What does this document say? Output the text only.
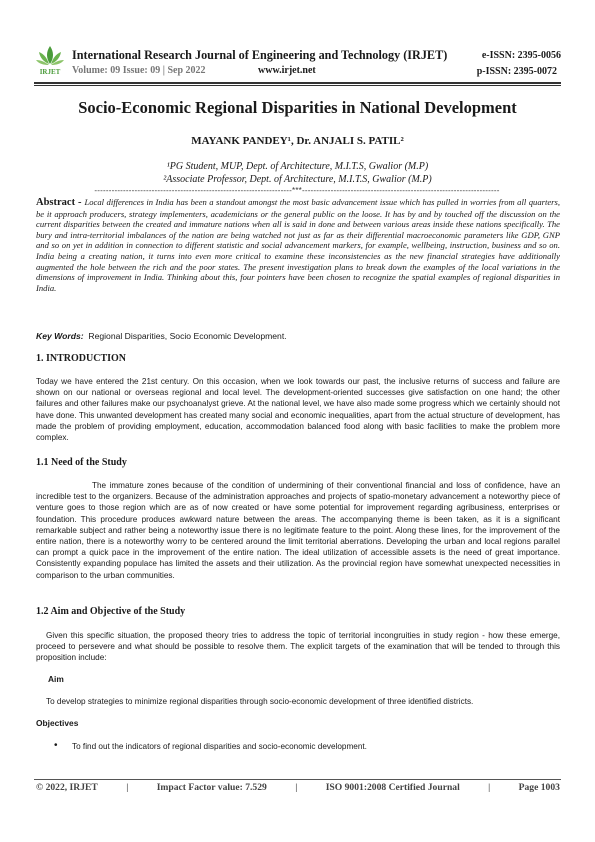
IRJET
International Research Journal of Engineering and Technology (IRJET)
Volume: 09 Issue: 09 | Sep 2022	www.irjet.net
e-ISSN: 2395-0056
p-ISSN: 2395-0072
Socio-Economic Regional Disparities in National Development
MAYANK PANDEY¹, Dr. ANJALI S. PATIL²
¹PG Student, MUP, Dept. of Architecture, M.I.T.S, Gwalior (M.P)
²Associate Professor, Dept. of Architecture, M.I.T.S, Gwalior (M.P)
---------------------------------------------------------------------***---------------------------------------------------------------------
Abstract - Local differences in India has been a standout amongst the most basic advancement issue which has pulled in worries from all quarters, be it approach producers, strategy implementers, academicians or the general public on the loose. It has by and by touched off the discussion on the current disparities between the created and immature nations when all is said in done and between various areas inside these nations specifically. The bury and intra-territorial imbalances of the nation are being watched not just as far as their differential macroeconomic parameters like GDP, GNP and so on yet in addition in connection to different statistic and social advancement markers, for example, wellbeing, instruction, business and so on. India being a creating nation, it turns into even more critical to examine these inconsistencies as the new financial strategies have additionally augmented the hole between the rich and the poor states. The present investigation plans to break down the examples of the local variations in the dimensions of improvement in India. Thinking about this, four pointers have been chosen to recognize the spatial examples of regional disparities in India.
Key Words: Regional Disparities, Socio Economic Development.
1. INTRODUCTION
Today we have entered the 21st century. On this occasion, when we look towards our past, the inclusive returns of success and failure are shown on our national or overseas regional and local level. The development-oriented successes give satisfaction on one hand; the other failures and other failures make our psychoanalyst grieve. At the national level, we have also made some progress which we certainly should not have done. This unwanted development has created many social and economic inequalities, apart from the actual structure of development, has made the problem of providing employment, education, accommodation balanced food along with basic facilities to make the problem more complex.
1.1 Need of the Study
The immature zones because of the condition of undermining of their conventional financial and loss of confidence, have an incredible test to the organizers. Because of the administration approaches and projects of spatio-monetary advancement a noteworthy piece of venture goes to those region which are as of now created or have some potential for improvement regarding agribusiness, enterprises or foundation. This procedure produces awkward nature between the areas. The accompanying theme is been taken, as it is a significant remarkable subject and rather being a noteworthy issue there is no legitimate feature to the point. Along these lines, for the improvement of the entire nation, there is a noteworthy worry to be centered around the limit territorial aberrations. Developing the urban and local regions parallel can prompt a quick pace in the improvement of the entire nation. The ideal utilization of accessible assets is the need of great importance. Consistently expanding populace has limited the assets and their utilization. As the provincial region have somewhat unexpected necessities in comparison to the urban communities.
1.2 Aim and Objective of the Study
Given this specific situation, the proposed theory tries to address the topic of territorial incongruities in study region - how these emerge, proceed to persevere and what should be possible to resolve them. The explicit targets of the examination that will be tended to through this proposition include:
Aim
To develop strategies to minimize regional disparities through socio-economic development of three identified districts.
Objectives
• To find out the indicators of regional disparities and socio-economic development.
© 2022, IRJET	|	Impact Factor value: 7.529	|	ISO 9001:2008 Certified Journal	|	Page 1003
